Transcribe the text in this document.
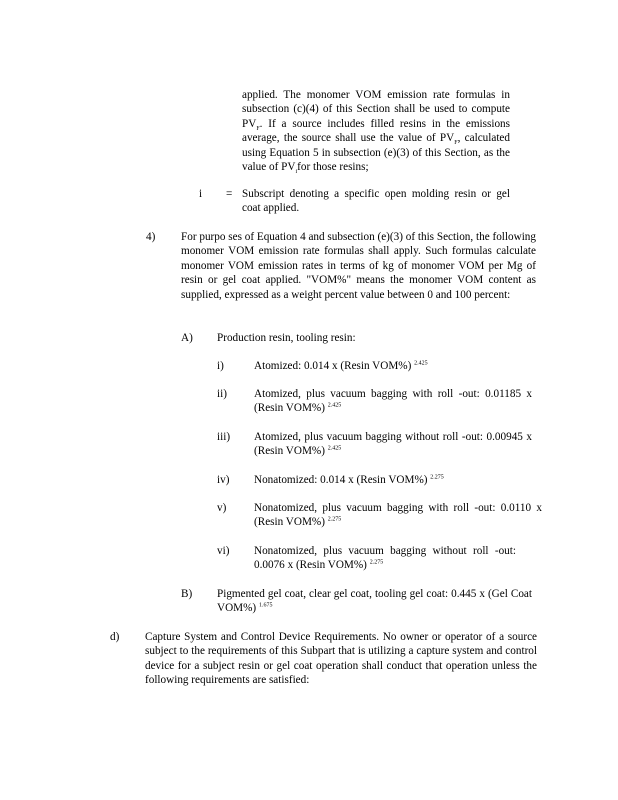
applied. The monomer VOM emission rate formulas in subsection (c)(4) of this Section shall be used to compute $PV_F$. If a source includes filled resins in the emissions average, the source shall use the value of $PV_F$, calculated using Equation 5 in subsection (e)(3) of this Section, as the value of $PV_ifor$ those resins;
i = Subscript denoting a specific open molding resin or gel coat applied.
4) For purpo ses of Equation 4 and subsection (e)(3) of this Section, the following monomer VOM emission rate formulas shall apply. Such formulas calculate monomer VOM emission rates in terms of kg of monomer VOM per Mg of resin or gel coat applied. "VOM%" means the monomer VOM content as supplied, expressed as a weight percent value between 0 and 100 percent:
A) Production resin, tooling resin:
i)	Atomized: 0.014 x (Resin VOM%) $^{2.425}$
ii) Atomized, plus vacuum bagging with roll -out: 0.01185 x (Resin VOM%) $^{2.425}$
iii) Atomized, plus vacuum bagging without roll -out: 0.00945 x (Resin VOM%) $^{2.425}$
iv) Nonatomized: 0.014 x (Resin VOM%) $^{2.275}$
v) Nonatomized, plus vacuum bagging with roll -out: 0.0110 x (Resin VOM%) $^{2.275}$
vi) Nonatomized, plus vacuum bagging without roll -out: 0.0076 x (Resin VOM%) $^{2.275}$
B) Pigmented gel coat, clear gel coat, tooling gel coat: 0.445 x (Gel Coat VOM%) $^{1.675}$
d) Capture System and Control Device Requirements. No owner or operator of a source subject to the requirements of this Subpart that is utilizing a capture system and control device for a subject resin or gel coat operation shall conduct that operation unless the following requirements are satisfied:
